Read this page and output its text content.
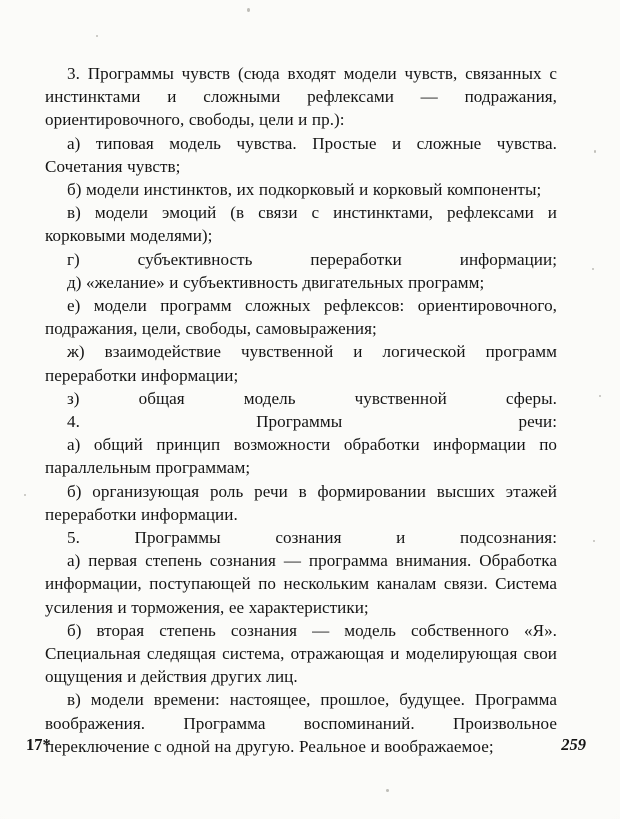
3. Программы чувств (сюда входят модели чувств, связанных с инстинктами и сложными рефлексами — подражания, ориентировочного, свободы, цели и пр.):

а) типовая модель чувства. Простые и сложные чувства. Сочетания чувств;

б) модели инстинктов, их подкорковый и корковый компоненты;

в) модели эмоций (в связи с инстинктами, рефлексами и корковыми моделями);

г) субъективность переработки информации;

д) «желание» и субъективность двигательных программ;

е) модели программ сложных рефлексов: ориентировочного, подражания, цели, свободы, самовыражения;

ж) взаимодействие чувственной и логической программ переработки информации;

з) общая модель чувственной сферы.

4. Программы речи:

а) общий принцип возможности обработки информации по параллельным программам;

б) организующая роль речи в формировании высших этажей переработки информации.

5. Программы сознания и подсознания:

а) первая степень сознания — программа внимания. Обработка информации, поступающей по нескольким каналам связи. Система усиления и торможения, ее характеристики;

б) вторая степень сознания — модель собственного «Я». Специальная следящая система, отражающая и моделирующая свои ощущения и действия других лиц.

в) модели времени: настоящее, прошлое, будущее. Программа воображения. Программа воспоминаний. Произвольное переключение с одной на другую. Реальное и воображаемое;

17*	259
